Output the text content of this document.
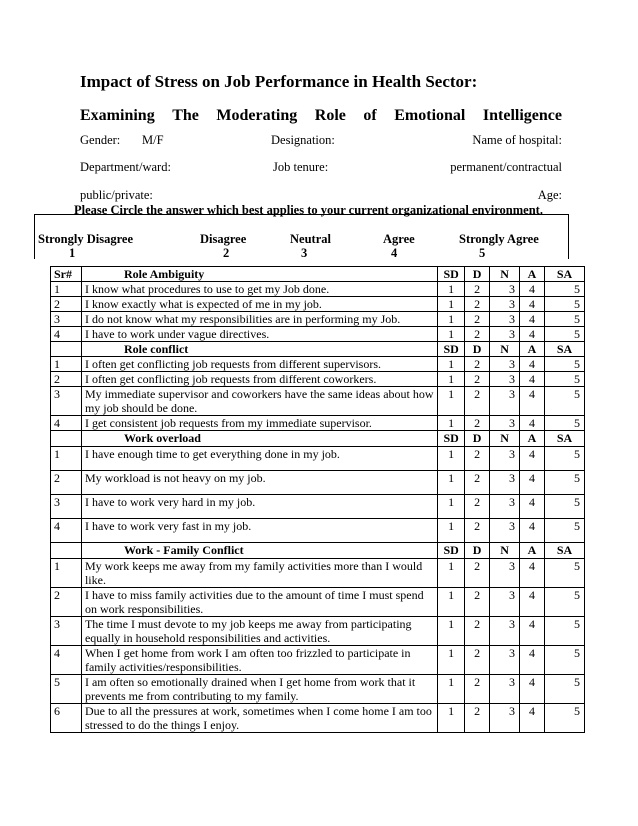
Impact of Stress on Job Performance in Health Sector:
Examining The Moderating Role of Emotional Intelligence
Gender: M/F	Designation:	Name of hospital:
Department/ward:	Job tenure:	permanent/contractual
public/private:	Age:
Please Circle the answer which best applies to your current organizational environment.
Strongly Disagree	Disagree	Neutral	Agree	Strongly Agree
1	2	3	4	5
Sr#	Role Ambiguity	SD	D	N	A	SA
1	I know what procedures to use to get my Job done.	1	2	3	4	5
2	I know exactly what is expected of me in my job.	1	2	3	4	5
3	I do not know what my responsibilities are in performing my Job.	1	2	3	4	5
4	I have to work under vague directives.	1	2	3	4	5
	Role conflict	SD	D	N	A	SA
1	I often get conflicting job requests from different supervisors.	1	2	3	4	5
2	I often get conflicting job requests from different coworkers.	1	2	3	4	5
3	My immediate supervisor and coworkers have the same ideas about how my job should be done.	1	2	3	4	5
4	I get consistent job requests from my immediate supervisor.	1	2	3	4	5
	Work overload	SD	D	N	A	SA
1	I have enough time to get everything done in my job.	1	2	3	4	5
2	My workload is not heavy on my job.	1	2	3	4	5
3	I have to work very hard in my job.	1	2	3	4	5
4	I have to work very fast in my job.	1	2	3	4	5
	Work - Family Conflict	SD	D	N	A	SA
1	My work keeps me away from my family activities more than I would like.	1	2	3	4	5
2	I have to miss family activities due to the amount of time I must spend on work responsibilities.	1	2	3	4	5
3	The time I must devote to my job keeps me away from participating equally in household responsibilities and activities.	1	2	3	4	5
4	When I get home from work I am often too frizzled to participate in family activities/responsibilities.	1	2	3	4	5
5	I am often so emotionally drained when I get home from work that it prevents me from contributing to my family.	1	2	3	4	5
6	Due to all the pressures at work, sometimes when I come home I am too stressed to do the things I enjoy.	1	2	3	4	5
